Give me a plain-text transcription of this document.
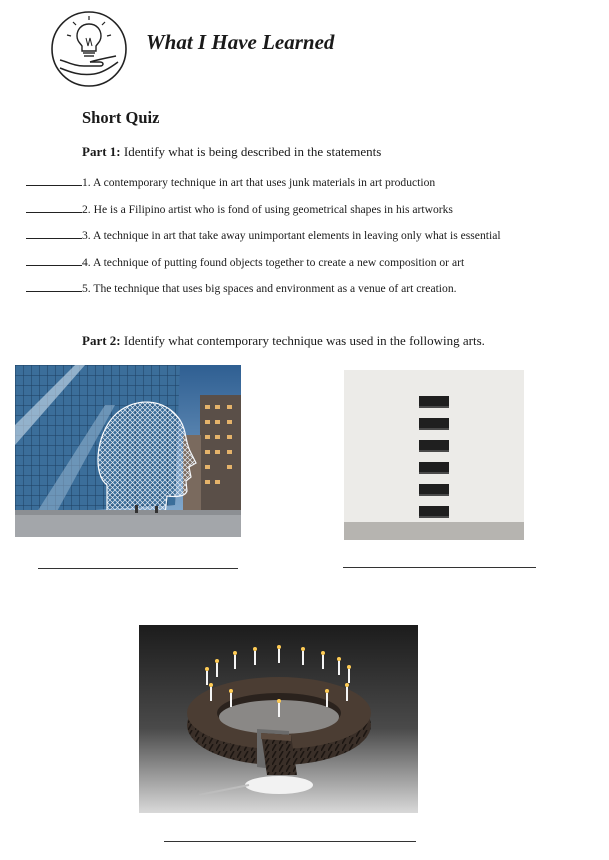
What I Have Learned
Short Quiz
Part 1: Identify what is being described in the statements
1. A contemporary technique in art that uses junk materials in art production
2. He is a Filipino artist who is fond of using geometrical shapes in his artworks
3. A technique in art that take away unimportant elements in leaving only what is essential
4. A technique of putting found objects together to create a new composition or art
5. The technique that uses big spaces and environment as a venue of art creation.
Part 2: Identify what contemporary technique was used in the following arts.
